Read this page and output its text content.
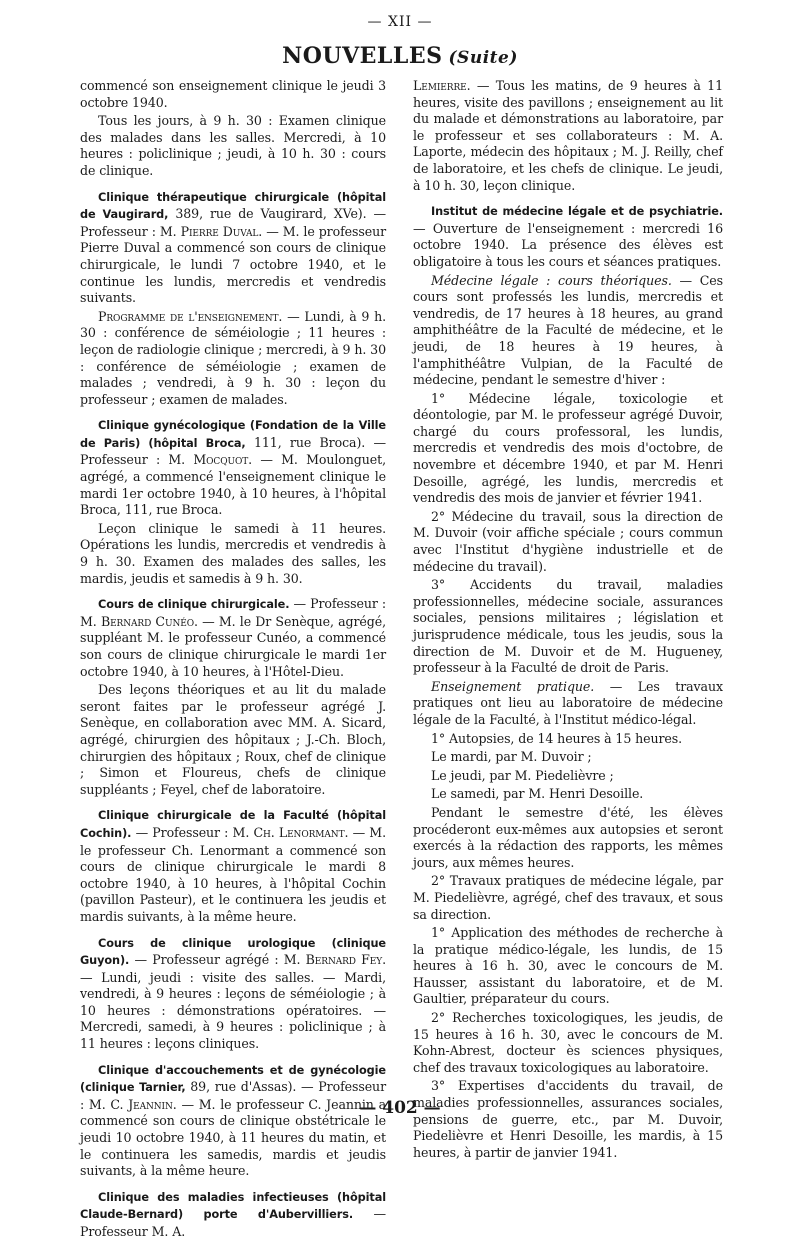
— XII —
NOUVELLES (Suite)

commencé son enseignement clinique le jeudi 3 octobre 1940.

Tous les jours, à 9 h. 30 : Examen clinique des malades dans les salles. Mercredi, à 10 heures : policlinique ; jeudi, à 10 h. 30 : cours de clinique.

Clinique thérapeutique chirurgicale (hôpital de Vaugirard, 389, rue de Vaugirard, XVe). — Professeur : M. Pierre Duval. — M. le professeur Pierre Duval a commencé son cours de clinique chirurgicale, le lundi 7 octobre 1940, et le continue les lundis, mercredis et vendredis suivants.

Programme de l'enseignement. — Lundi, à 9 h. 30 : conférence de séméiologie ; 11 heures : leçon de radiologie clinique ; mercredi, à 9 h. 30 : conférence de séméiologie ; examen de malades ; vendredi, à 9 h. 30 : leçon du professeur ; examen de malades.

Clinique gynécologique (Fondation de la Ville de Paris) (hôpital Broca, 111, rue Broca). — Professeur : M. Mocquot. — M. Moulonguet, agrégé, a commencé l'enseignement clinique le mardi 1er octobre 1940, à 10 heures, à l'hôpital Broca, 111, rue Broca.

Leçon clinique le samedi à 11 heures. Opérations les lundis, mercredis et vendredis à 9 h. 30. Examen des malades des salles, les mardis, jeudis et samedis à 9 h. 30.

Cours de clinique chirurgicale. — Professeur : M. Bernard Cunéo. — M. le Dr Senèque, agrégé, suppléant M. le professeur Cunéo, a commencé son cours de clinique chirurgicale le mardi 1er octobre 1940, à 10 heures, à l'Hôtel-Dieu.

Des leçons théoriques et au lit du malade seront faites par le professeur agrégé J. Senèque, en collaboration avec MM. A. Sicard, agrégé, chirurgien des hôpitaux ; J.-Ch. Bloch, chirurgien des hôpitaux ; Roux, chef de clinique ; Simon et Floureus, chefs de clinique suppléants ; Feyel, chef de laboratoire.

Clinique chirurgicale de la Faculté (hôpital Cochin). — Professeur : M. Ch. Lenormant. — M. le professeur Ch. Lenormant a commencé son cours de clinique chirurgicale le mardi 8 octobre 1940, à 10 heures, à l'hôpital Cochin (pavillon Pasteur), et le continuera les jeudis et mardis suivants, à la même heure.

Cours de clinique urologique (clinique Guyon). — Professeur agrégé : M. Bernard Fey. — Lundi, jeudi : visite des salles. — Mardi, vendredi, à 9 heures : leçons de séméiologie ; à 10 heures : démonstrations opératoires. — Mercredi, samedi, à 9 heures : policlinique ; à 11 heures : leçons cliniques.

Clinique d'accouchements et de gynécologie (clinique Tarnier, 89, rue d'Assas). — Professeur : M. C. Jeannin. — M. le professeur C. Jeannin a commencé son cours de clinique obstétricale le jeudi 10 octobre 1940, à 11 heures du matin, et le continuera les samedis, mardis et jeudis suivants, à la même heure.

Clinique des maladies infectieuses (hôpital Claude-Bernard) porte d'Aubervilliers. — Professeur M. A.

Lemierre. — Tous les matins, de 9 heures à 11 heures, visite des pavillons ; enseignement au lit du malade et démonstrations au laboratoire, par le professeur et ses collaborateurs : M. A. Laporte, médecin des hôpitaux ; M. J. Reilly, chef de laboratoire, et les chefs de clinique. Le jeudi, à 10 h. 30, leçon clinique.

Institut de médecine légale et de psychiatrie. — Ouverture de l'enseignement : mercredi 16 octobre 1940. La présence des élèves est obligatoire à tous les cours et séances pratiques.

Médecine légale : cours théoriques. — Ces cours sont professés les lundis, mercredis et vendredis, de 17 heures à 18 heures, au grand amphithéâtre de la Faculté de médecine, et le jeudi, de 18 heures à 19 heures, à l'amphithéâtre Vulpian, de la Faculté de médecine, pendant le semestre d'hiver :

1° Médecine légale, toxicologie et déontologie, par M. le professeur agrégé Duvoir, chargé du cours professoral, les lundis, mercredis et vendredis des mois d'octobre, de novembre et décembre 1940, et par M. Henri Desoille, agrégé, les lundis, mercredis et vendredis des mois de janvier et février 1941.

2° Médecine du travail, sous la direction de M. Duvoir (voir affiche spéciale ; cours commun avec l'Institut d'hygiène industrielle et de médecine du travail).

3° Accidents du travail, maladies professionnelles, médecine sociale, assurances sociales, pensions militaires ; législation et jurisprudence médicale, tous les jeudis, sous la direction de M. Duvoir et de M. Hugueney, professeur à la Faculté de droit de Paris.

Enseignement pratique. — Les travaux pratiques ont lieu au laboratoire de médecine légale de la Faculté, à l'Institut médico-légal.

1° Autopsies, de 14 heures à 15 heures.

Le mardi, par M. Duvoir ;

Le jeudi, par M. Piedelièvre ;

Le samedi, par M. Henri Desoille.

Pendant le semestre d'été, les élèves procéderont eux-mêmes aux autopsies et seront exercés à la rédaction des rapports, les mêmes jours, aux mêmes heures.

2° Travaux pratiques de médecine légale, par M. Piedelièvre, agrégé, chef des travaux, et sous sa direction.

1° Application des méthodes de recherche à la pratique médico-légale, les lundis, de 15 heures à 16 h. 30, avec le concours de M. Hausser, assistant du laboratoire, et de M. Gaultier, préparateur du cours.

2° Recherches toxicologiques, les jeudis, de 15 heures à 16 h. 30, avec le concours de M. Kohn-Abrest, docteur ès sciences physiques, chef des travaux toxicologiques au laboratoire.

3° Expertises d'accidents du travail, de maladies professionnelles, assurances sociales, pensions de guerre, etc., par M. Duvoir, Piedelièvre et Henri Desoille, les mardis, à 15 heures, à partir de janvier 1941.

— 402 —
